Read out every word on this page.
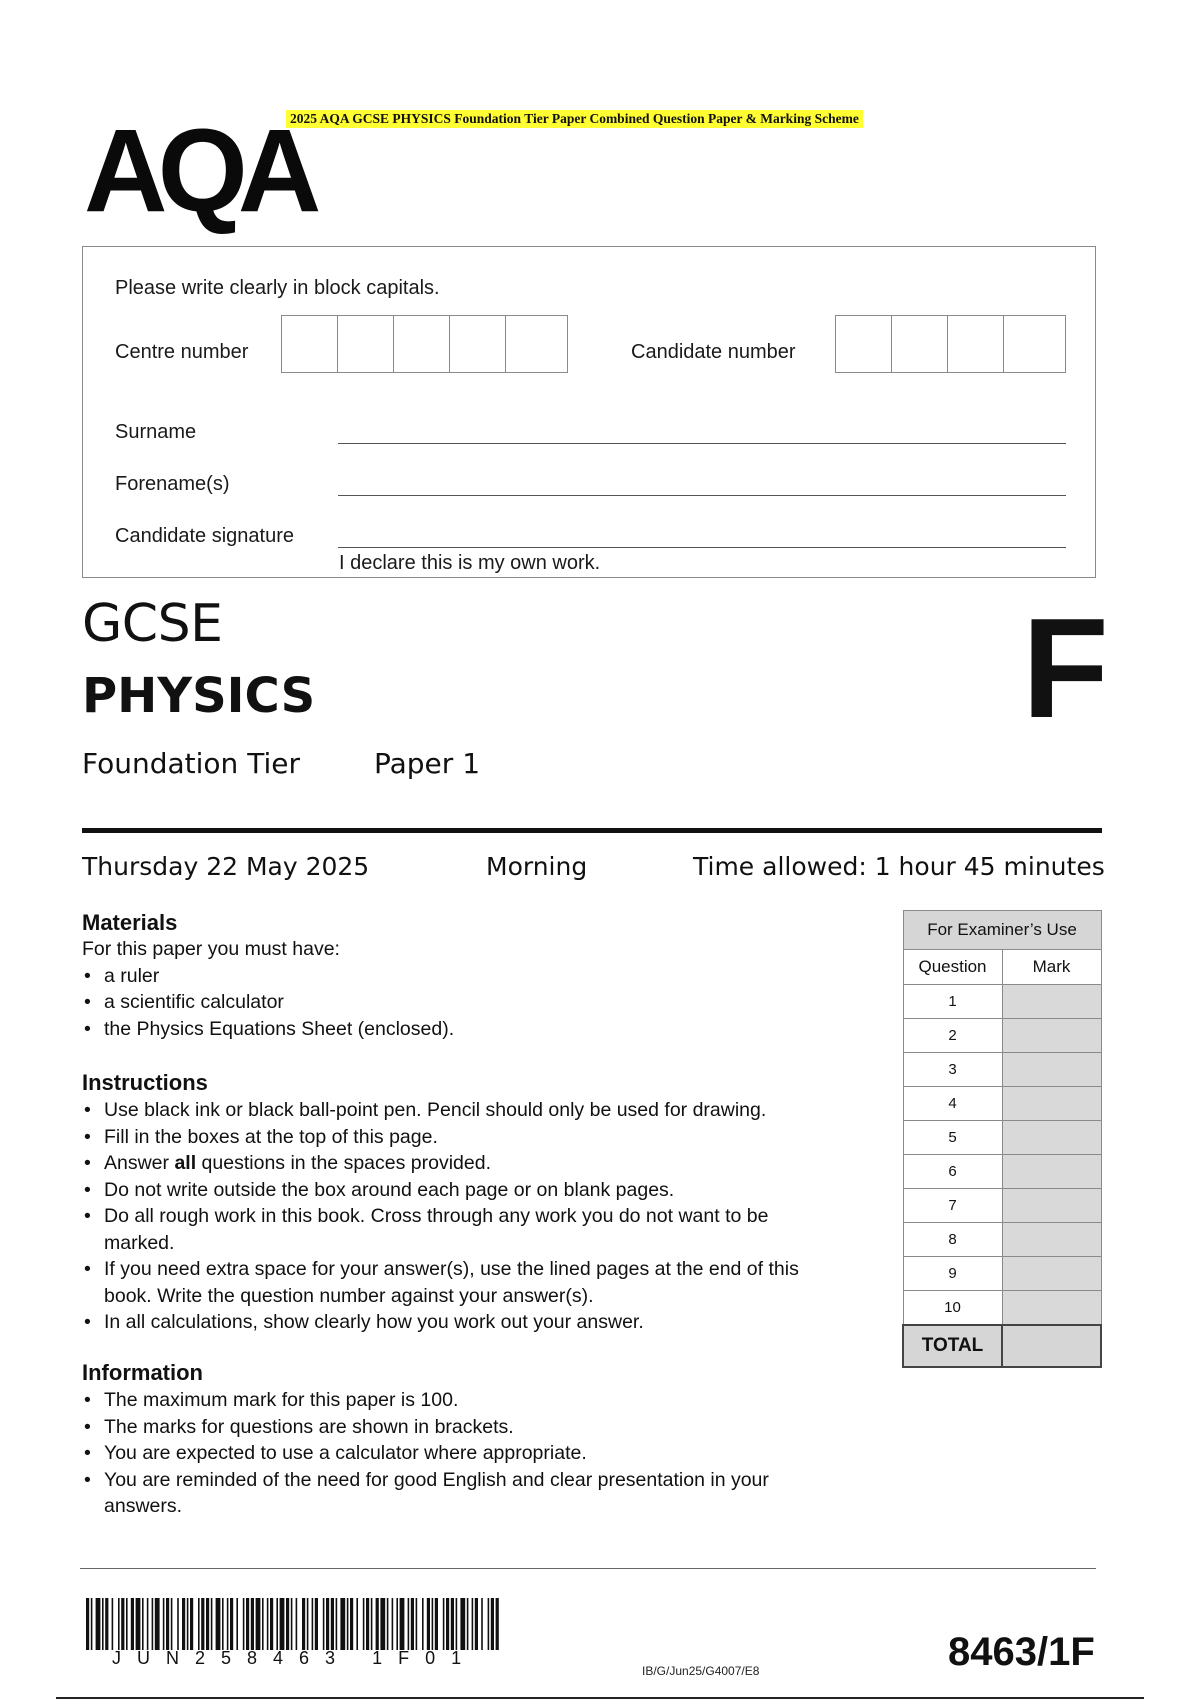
2025 AQA GCSE PHYSICS Foundation Tier Paper Combined Question Paper & Marking Scheme
AQA
Please write clearly in block capitals.
Centre number	Candidate number
Surname
Forename(s)
Candidate signature
I declare this is my own work.
GCSE
PHYSICS
Foundation Tier	Paper 1
F
Thursday 22 May 2025	Morning	Time allowed: 1 hour 45 minutes
Materials
For this paper you must have:
• a ruler
• a scientific calculator
• the Physics Equations Sheet (enclosed).
Instructions
• Use black ink or black ball-point pen. Pencil should only be used for drawing.
• Fill in the boxes at the top of this page.
• Answer all questions in the spaces provided.
• Do not write outside the box around each page or on blank pages.
• Do all rough work in this book. Cross through any work you do not want to be marked.
• If you need extra space for your answer(s), use the lined pages at the end of this book. Write the question number against your answer(s).
• In all calculations, show clearly how you work out your answer.
Information
• The maximum mark for this paper is 100.
• The marks for questions are shown in brackets.
• You are expected to use a calculator where appropriate.
• You are reminded of the need for good English and clear presentation in your answers.
For Examiner’s Use	
Question	Mark
1	
2	
3	
4	
5	
6	
7	
8	
9	
10	
TOTAL	
JUN258463 1F01
IB/G/Jun25/G4007/E8	8463/1F
